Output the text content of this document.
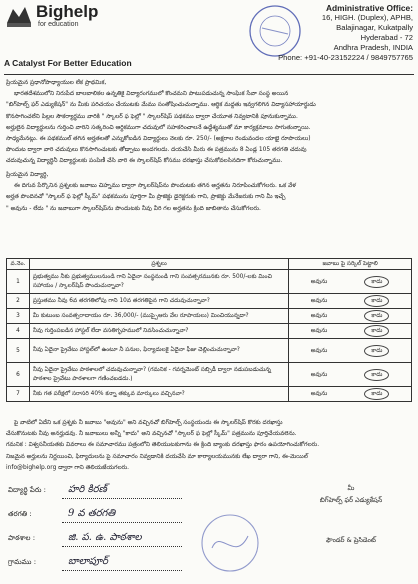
Bighelp
for education
A Catalyst For Better Education
Administrative Office:
16, HIGH. (Duplex), APHB,
Balajinagar, Kukatpally
Hyderabad - 72
Andhra Pradesh, INDIA
Phone: +91-40-23152224 / 9849757765
ప్రియమైన ప్రధానోపాధ్యాయుల లేక ప్రాథమిక,
భారతదేశములోని నిరుపేద బాలబాలికల ఉన్నతికై విద్యారంగములో కొంచమని పాటుపడుచున్న సాంఘిక సేవా సంస్థ అయిన
"బిగ్‌హెల్ప్ ఫర్ ఎడ్యుకేషన్" ను మీకు పరిచయం చేయుటకు మేము సంతోషించుచున్నాము. ఆర్థిక మద్దతు ఇవ్వగలిగిన విద్యాసహాయార్థుడు
కొనసాగించలేని పిల్లల సౌకర్యార్థము వారికి " స్కాలర్ ఫ ఫెల్లో " స్కాలర్‌షిప్ పథకము ద్వారా చేయూత నివ్వటానికి పూనుకున్నాము.
అర్హులైన విద్యార్థులను గుర్తించి వారిని సత్కరించి ఆర్థికముగా చదువులో సహకరించాలనే ఉద్దేశ్యముతో మా కార్యక్రమాలు సాగుతున్నాయి.
సాధ్యమేనట్లు. ఈ పథకముల్ తగిన అర్హతలతో ఎన్నుకోబడిన విద్యార్థులు నెలకు రూ. 250/- (అక్షరాల రెండువందల యాభై రూపాయలు)
పొందుట ద్వారా వారి చదువులు కొనసాగించుటకు తోడ్పాటు అందగలదు. దయచేసి మీరు ఈ పత్రమును 8 ఏండ్ల 105 తరగతి చదువు
చదువుచున్న విద్యార్థినీ విద్యార్థులకు పంపిణీ చేసి వారి ఈ స్కాలర్‌షిప్ కోసము దరఖాస్తు చేసుకోవలసినదిగా కోరుచున్నాము.
ప్రియమైన విద్యార్థి,
ఈ దిగువ పేర్కొనిన ప్రశ్నలకు జవాబు చిహ్నము ద్వారా స్కాలర్‌షిప్‌ను పొందుటకు తగిన అర్హతను నిరూపించుకోగలరు. ఒక వేళ
అర్హత పొందినచో "స్కాలర్ ఫ ఫెల్లో స్కీమ్" పథకమును పూర్తిగా మీ ప్రాజెక్టు డైరెక్టరుకు గాని, ప్రాజెక్టు మేనేజరుకు గాని మీ ఇచ్చే
" అవును - లేదు " ను జవాబుగా స్కాలర్‌షిప్‌ను పొందుటకు నీవు వీరి గల అర్హతను క్రింది జాబితాను చేసుకోగలరు.
వ.నెం.	ప్రశ్నలు	జవాబు పై సర్కిల్ పెట్టాలి
1	ప్రభుత్వము నీకు ప్రభుత్వములనుండి గాని ఏదైనా సంస్థనుండి గాని సంవత్సరమునకు రూ. 500/-లకు మించి సహాయం / స్కాలర్‌షిప్ పొందుచున్నావా?	అవును కాదు

2	ప్రస్తుతము నీవు 6వ తరగతిలోపు గాని 10వ తరగతిపైన గాని చదువుచున్నావా?	అవును కాదు

3	మీ కుటుంబ సంవత్సరాదాయం రూ. 36,000/- (ముప్పైఆరు వేల రూపాయలు) మించియున్నదా?	అవును కాదు

4	నీవు గుర్తింపబడిన హాస్టల్ లేదా వసతిగృహములో నివసించుచున్నావా?	అవును కాదు

5	నీవు ఏదైనా ప్రైవేటు హాస్టల్‌లో ఉంటూ నీ పనుల, ఫిర్యాదులకై ఏదైనా ఫీజు చెల్లించుచున్నావా?	అవును కాదు

6	నీవు ఏదైనా ప్రైవేటు పాఠశాలలో చదువుచున్నావా? (గమనిక - గవర్నమెంట్ సబ్సిడీ ద్వారా నడుపబడుచున్న పాఠశాల ప్రైవేటు పాఠశాలగా గణించబడదు.)	అవును కాదు

7	నీకు గత పరీక్షలో సరాసరి 40% కన్నా తక్కువ మార్కులు వచ్చినవా?	అవును కాదు
పై వాటిలో ఏదేని ఒక ప్రశ్నకు నీ జవాబు "అవును" అని వచ్చినచో బిగ్‌హెల్ప్ సంస్థయందు ఈ స్కాలర్‌షిప్ కొరకు దరఖాస్తు
చేసుకొనుటకు నీవు అనర్హుడవు. నీ జవాబులు అన్నీ "కాదు" అని వచ్చినచో "స్కాలర్ ఫ ఫెల్లో స్కీమ్" పత్రమును పూర్తిచేయవలెను.
గమనిక : విశ్వసనీయతకు వివరాలు ఈ సమాచారము పత్రంలోని తెలియుటకుగాను ఈ క్రింది బ్యాంకు దరఖాస్తు ఫారం ఉపయోగించుకోగలరు.
నిజమైన అర్హులను నిర్ణయించి, ఫిర్యాదులను పై సమాచారం నివ్వడానికి దయచేసి మా కార్యాలయమునకు లేఖ ద్వారా గాని, ఈ-మెయిల్
info@bighelp.org ద్వారా గాని తెలియజేయగలరు.
విద్యార్థి పేరు : హరి కిరణ్
తరగతి :	9 వ తరగతి
పాఠశాల :	జి. ప. ఉ. పాఠశాల
గ్రామము :	బాలాపూర్
మీ
బిగ్‌హెల్ప్ ఫర్ ఎడ్యుకేషన్
ఫౌండర్ & ప్రెసిడెంట్
